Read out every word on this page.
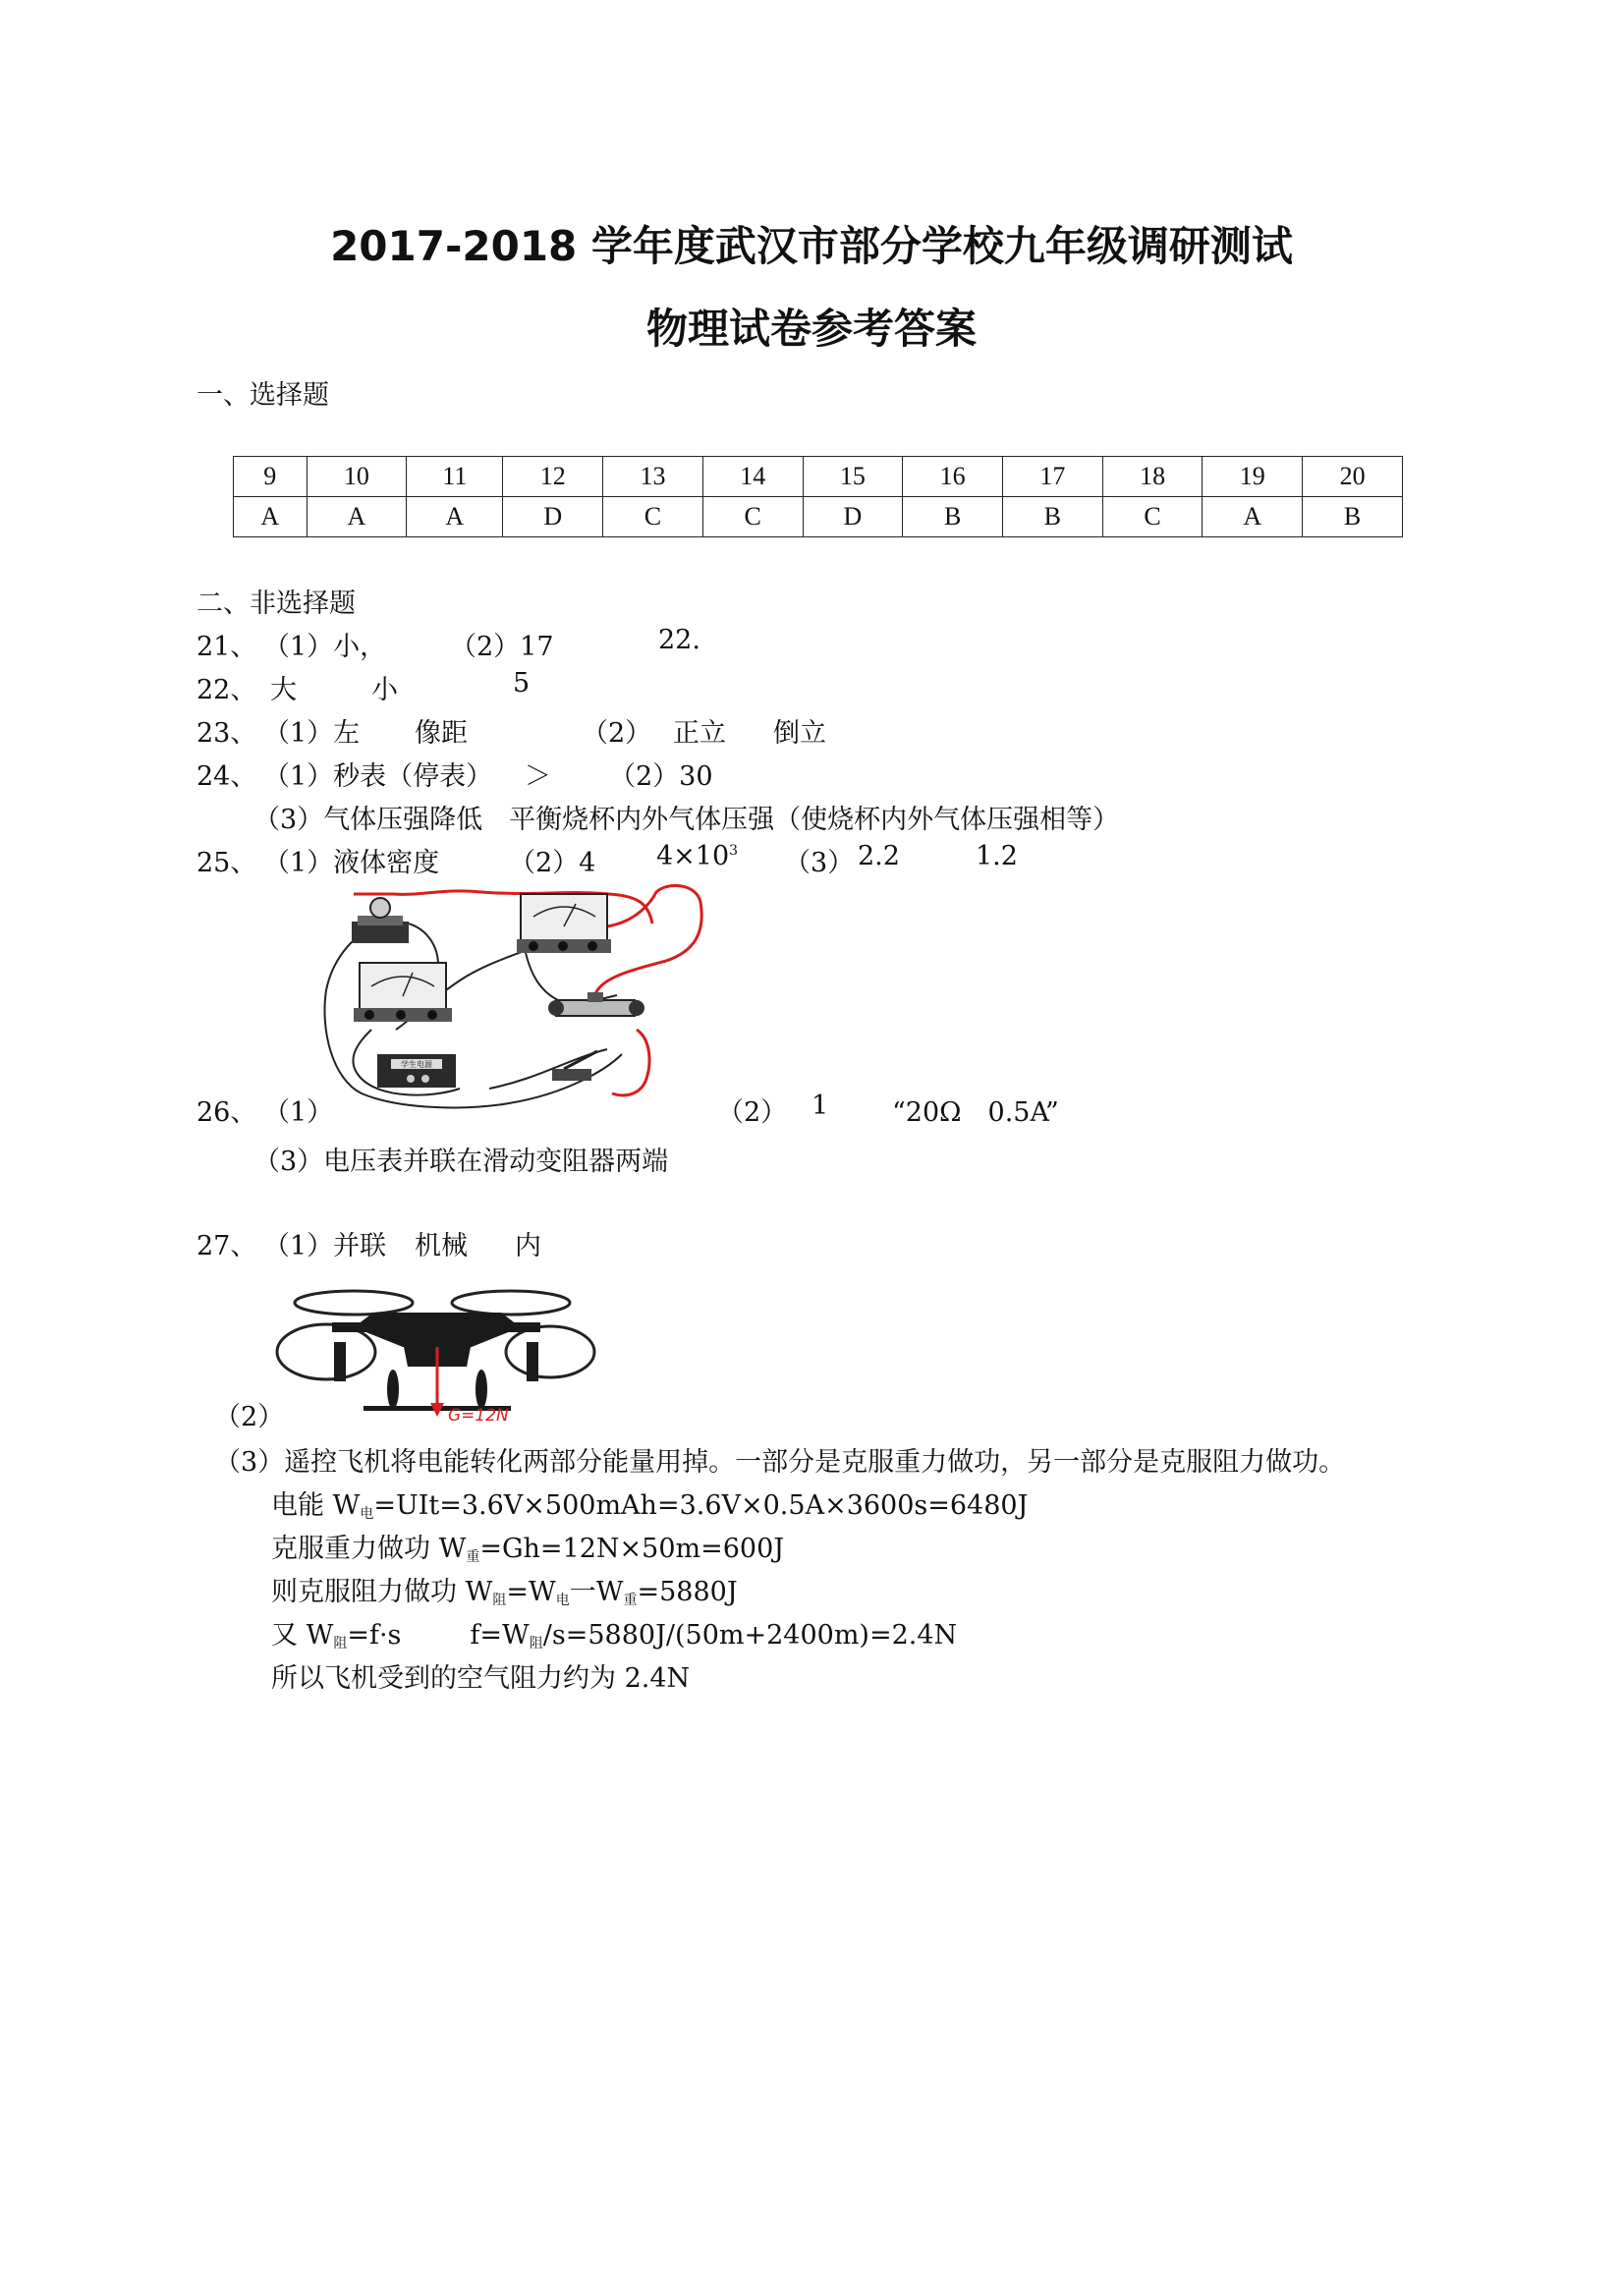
2017-2018 学年度武汉市部分学校九年级调研测试
物理试卷参考答案
一、选择题
9	10	11	12	13	14	15	16	17	18	19	20
A	A	A	D	C	C	D	B	B	C	A	B
二、非选择题
21、 （1）小， （2）17	22.
22、 大	小	5
23、 （1）左 像距	（2） 正立 倒立
24、 （1）秒表（停表） ＞ （2）30
（3）气体压强降低　平衡烧杯内外气体压强（使烧杯内外气体压强相等）
25、 （1）液体密度	（2）4 $4\times 10^3$ （3） 2.2	1.2
学生电源
26、 （1）	（2） 1 “20Ω　0.5A”
（3）电压表并联在滑动变阻器两端
27、 （1）并联 机械 内
G=12N
（2）
（3）遥控飞机将电能转化两部分能量用掉。一部分是克服重力做功，另一部分是克服阻力做功。
电能 $W_电=UIt=3.6V\times 500mAh=3.6V\times 0.5A\times 3600s=6480J$
克服重力做功 $W_重=Gh=12N\times 50m=600J$
则克服阻力做功 $W_阻=W_电$一$W_重=5880J$
又 $W_阻=f\cdot s$	$f=W_阻/s=5880J/(50m+2400m)=2.4N$
所以飞机受到的空气阻力约为 2.4N
